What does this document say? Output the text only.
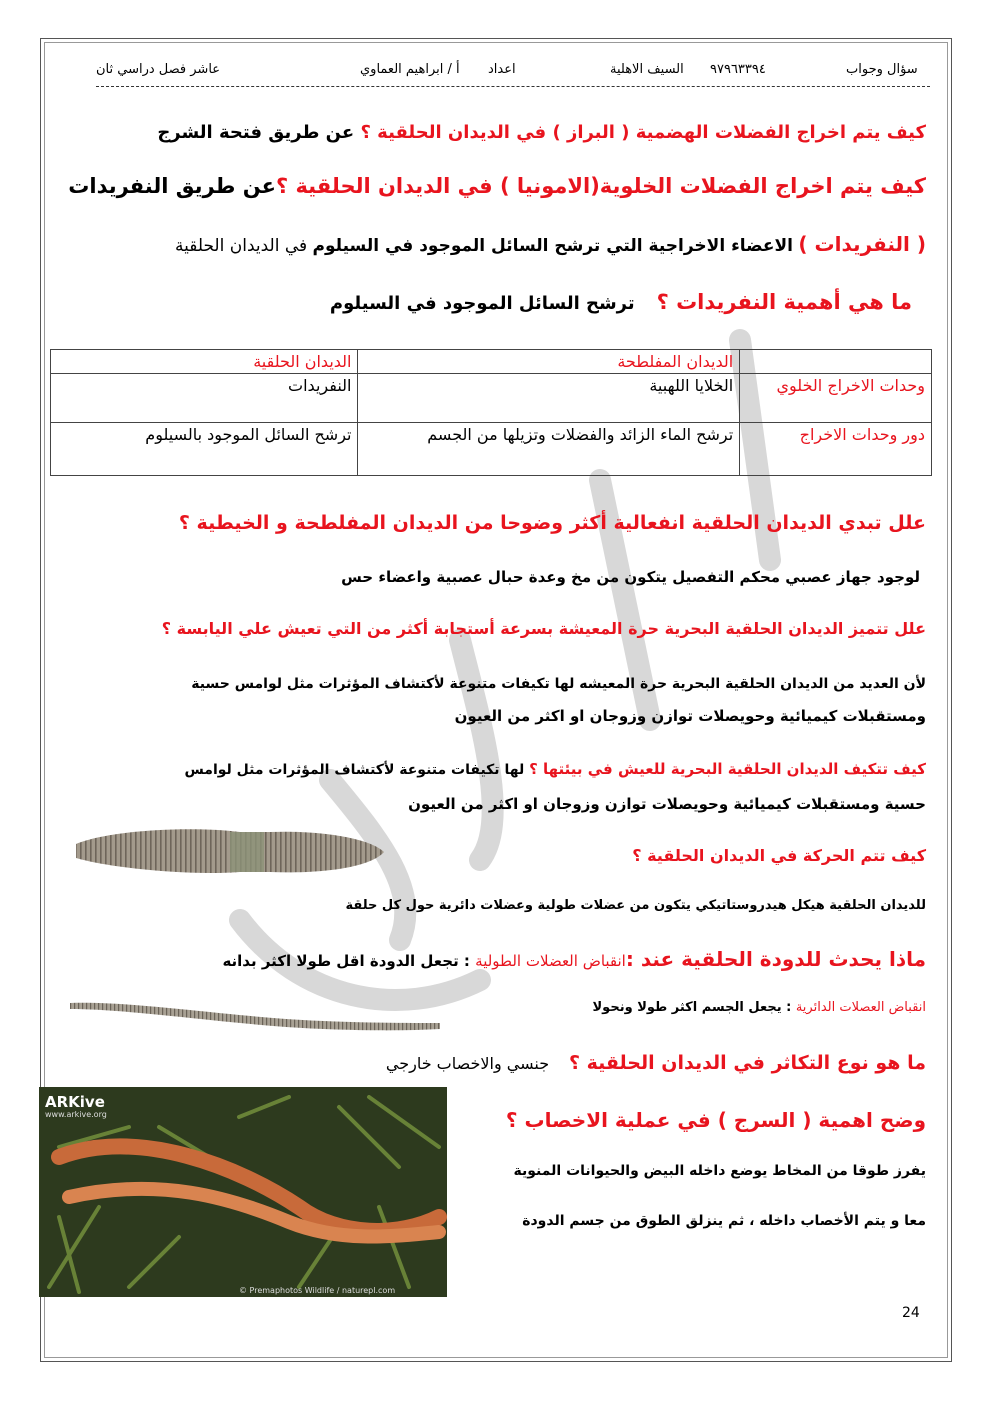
عاشر فصل دراسي ثان	أ / ابراهيم العماوي اعداد	السيف الاهلية ٩٧٩٦٣٣٩٤	سؤال وجواب
كيف يتم اخراج الفضلات الهضمية ( البراز ) في الديدان الحلقية ؟ عن طريق فتحة الشرج
كيف يتم اخراج الفضلات الخلوية(الامونيا ) في الديدان الحلقية ؟عن طريق النفريدات
( النفريدات ) الاعضاء الاخراجية التي ترشح السائل الموجود في السيلوم في الديدان الحلقية
ما هي أهمية النفريدات ؟   ترشح السائل الموجود في السيلوم
	الديدان المفلطحة	الديدان الحلقية
وحدات الاخراج الخلوي	الخلايا اللهبية	النفريدات
دور وحدات الاخراج	ترشح الماء الزائد والفضلات وتزيلها من الجسم	ترشح السائل الموجود بالسيلوم
علل تبدي الديدان الحلقية انفعالية أكثر وضوحا من الديدان المفلطحة و الخيطية ؟
لوجود جهاز عصبي محكم التفصيل يتكون من مخ وعدة حبال عصبية واعضاء حس
علل تتميز الديدان الحلقية البحرية حرة المعيشة بسرعة أستجابة أكثر من التي تعيش علي اليابسة ؟
لأن العديد من الديدان الحلقية البحرية حرة المعيشه لها تكيفات متنوعة لأكتشاف المؤثرات مثل لوامس حسية
ومستقبلات كيميائية وحويصلات توازن وزوجان او اكثر من العيون
كيف تتكيف الديدان الحلقية البحرية للعيش في بيئتها ؟ لها تكيفات متنوعة لأكتشاف المؤثرات مثل لوامس
حسية ومستقبلات كيميائية وحويصلات توازن وزوجان او اكثر من العيون
كيف تتم الحركة في الديدان الحلقية ؟
للديدان الحلقية هيكل هيدروستاتيكي يتكون من عضلات طولية وعضلات دائرية حول كل حلقة
ماذا يحدث للدودة الحلقية عند :انقباض العضلات الطولية : تجعل الدودة اقل طولا اكثر بدانه
انقباض العصلات الدائرية : يجعل الجسم اكثر طولا ونحولا
ما هو نوع التكاثر في الديدان الحلقية ؟   جنسي والاخصاب خارجي
ARKive
www.arkive.org
© Premaphotos Wildlife / naturepl.com
وضح اهمية ( السرج ) في عملية الاخصاب ؟
يفرز طوقا من المخاط يوضع داخله البيض والحيوانات المنوية
معا و يتم الأخصاب داخله ، ثم ينزلق الطوق من جسم الدودة
24
